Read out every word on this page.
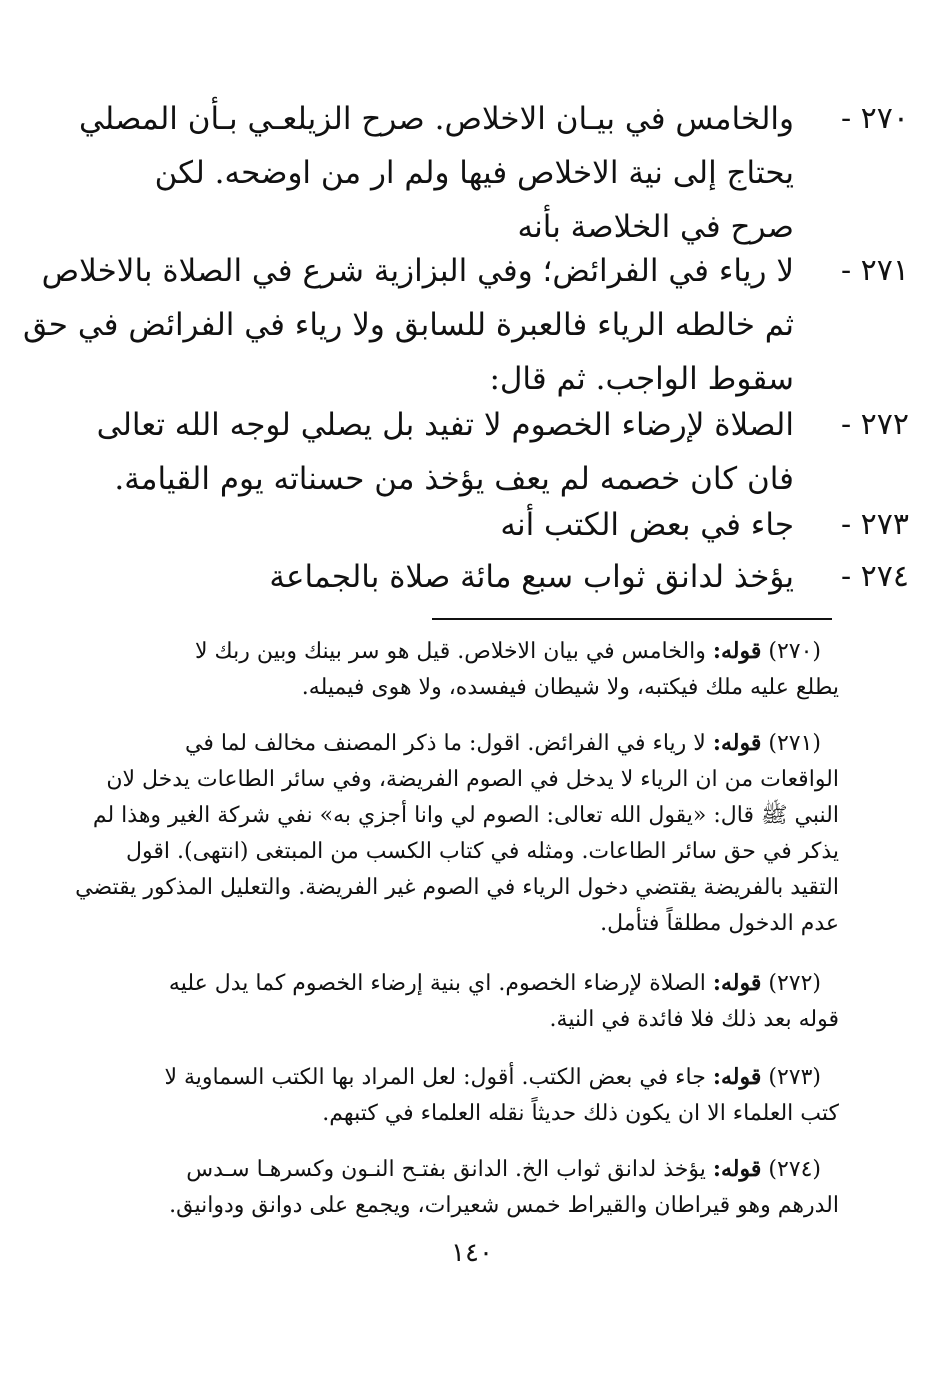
٢٧٠ -
والخامس في بيـان الاخلاص. صرح الزيلعـي بـأن المصلي
يحتاج إلى نية الاخلاص فيها ولم ار من اوضحه. لكن
صرح في الخلاصة بأنه
٢٧١ -
لا رياء في الفرائض؛ وفي البزازية شرع في الصلاة بالاخلاص
ثم خالطه الرياء فالعبرة للسابق ولا رياء في الفرائض في حق
سقوط الواجب. ثم قال:
٢٧٢ -
الصلاة لإرضاء الخصوم لا تفيد بل يصلي لوجه الله تعالى
فان كان خصمه لم يعف يؤخذ من حسناته يوم القيامة.
٢٧٣ -
جاء في بعض الكتب أنه
٢٧٤ -
يؤخذ لدانق ثواب سبع مائة صلاة بالجماعة
(٢٧٠) قوله: والخامس في بيان الاخلاص. قيل هو سر بينك وبين ربك لا
يطلع عليه ملك فيكتبه، ولا شيطان فيفسده، ولا هوى فيميله.
(٢٧١) قوله: لا رياء في الفرائض. اقول: ما ذكر المصنف مخالف لما في
الواقعات من ان الرياء لا يدخل في الصوم الفريضة، وفي سائر الطاعات يدخل لان
النبي ﷺ قال: «يقول الله تعالى: الصوم لي وانا أجزي به» نفي شركة الغير وهذا لم
يذكر في حق سائر الطاعات. ومثله في كتاب الكسب من المبتغى (انتهى). اقول
التقيد بالفريضة يقتضي دخول الرياء في الصوم غير الفريضة. والتعليل المذكور يقتضي
عدم الدخول مطلقاً فتأمل.
(٢٧٢) قوله: الصلاة لإرضاء الخصوم. اي بنية إرضاء الخصوم كما يدل عليه
قوله بعد ذلك فلا فائدة في النية.
(٢٧٣) قوله: جاء في بعض الكتب. أقول: لعل المراد بها الكتب السماوية لا
كتب العلماء الا ان يكون ذلك حديثاً نقله العلماء في كتبهم.
(٢٧٤) قوله: يؤخذ لدانق ثواب الخ. الدانق بفتـح النـون وكسرهـا سـدس
الدرهم وهو قيراطان والقيراط خمس شعيرات، ويجمع على دوانق ودوانيق.
١٤٠
